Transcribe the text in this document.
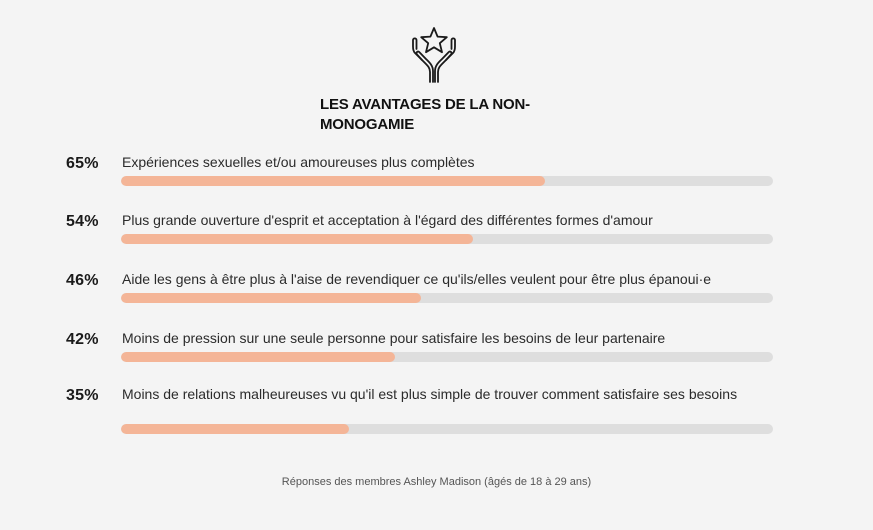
LES AVANTAGES DE LA NON-MONOGAMIE
65%	Expériences sexuelles et/ou amoureuses plus complètes
54%	Plus grande ouverture d'esprit et acceptation à l'égard des différentes formes d'amour
46%	Aide les gens à être plus à l'aise de revendiquer ce qu'ils/elles veulent pour être plus épanoui·e
42%	Moins de pression sur une seule personne pour satisfaire les besoins de leur partenaire
35%	Moins de relations malheureuses vu qu'il est plus simple de trouver comment satisfaire ses besoins
Réponses des membres Ashley Madison (âgés de 18 à 29 ans)
